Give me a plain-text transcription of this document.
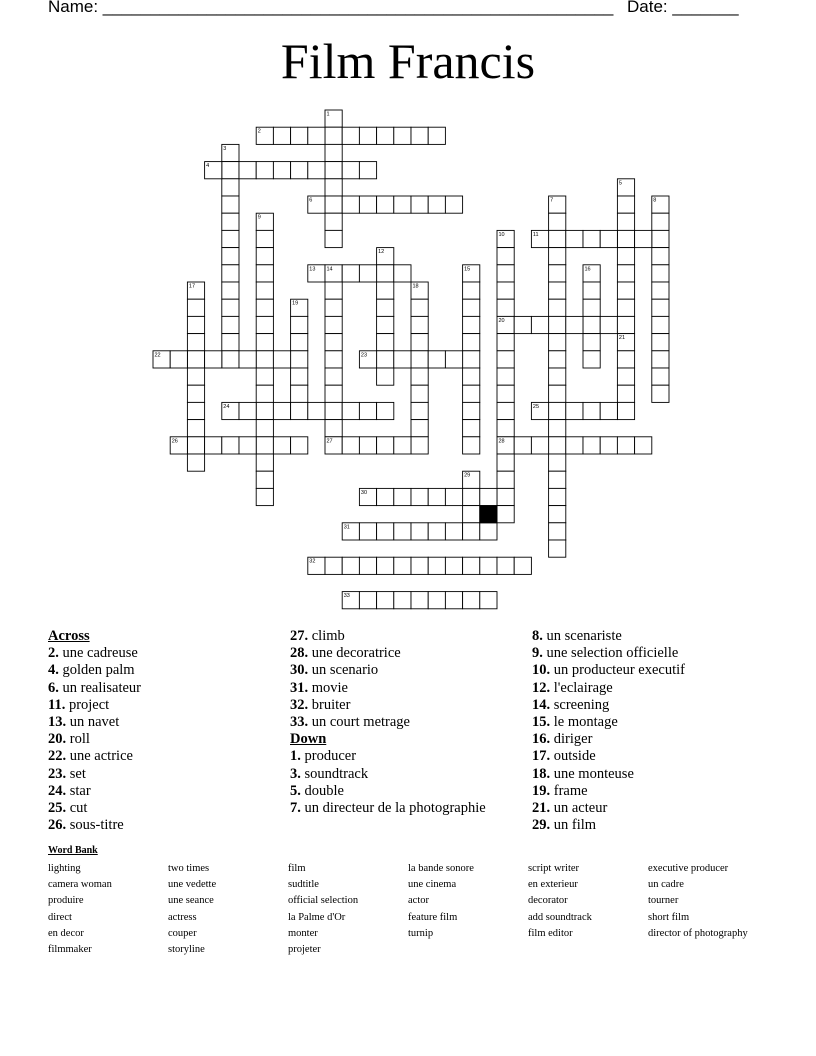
Name: ______________________________________________________ Date: _______
Film Francis
1
2
3
4
5
6	7	8
9
10	11
12
13 14	15	16
17	18
19
20
21
22	23
24	25
26	27	28
29
30
31
32
33
Across
2. une cadreuse
4. golden palm
6. un realisateur
11. project
13. un navet
20. roll
22. une actrice
23. set
24. star
25. cut
26. sous-titre
27. climb
28. une decoratrice
30. un scenario
31. movie
32. bruiter
33. un court metrage
Down
1. producer
3. soundtrack
5. double
7. un directeur de la photographie
8. un scenariste
9. une selection officielle
10. un producteur executif
12. l'eclairage
14. screening
15. le montage
16. diriger
17. outside
18. une monteuse
19. frame
21. un acteur
29. un film
Word Bank
lighting	two times	film	la bande sonore	script writer	executive producer
camera woman	une vedette	sudtitle	une cinema	en exterieur	un cadre
produire	une seance	official selection	actor	decorator	tourner
direct	actress	la Palme d'Or	feature film	add soundtrack	short film
en decor	couper	monter	turnip	film editor	director of photography
filmmaker	storyline	projeter
